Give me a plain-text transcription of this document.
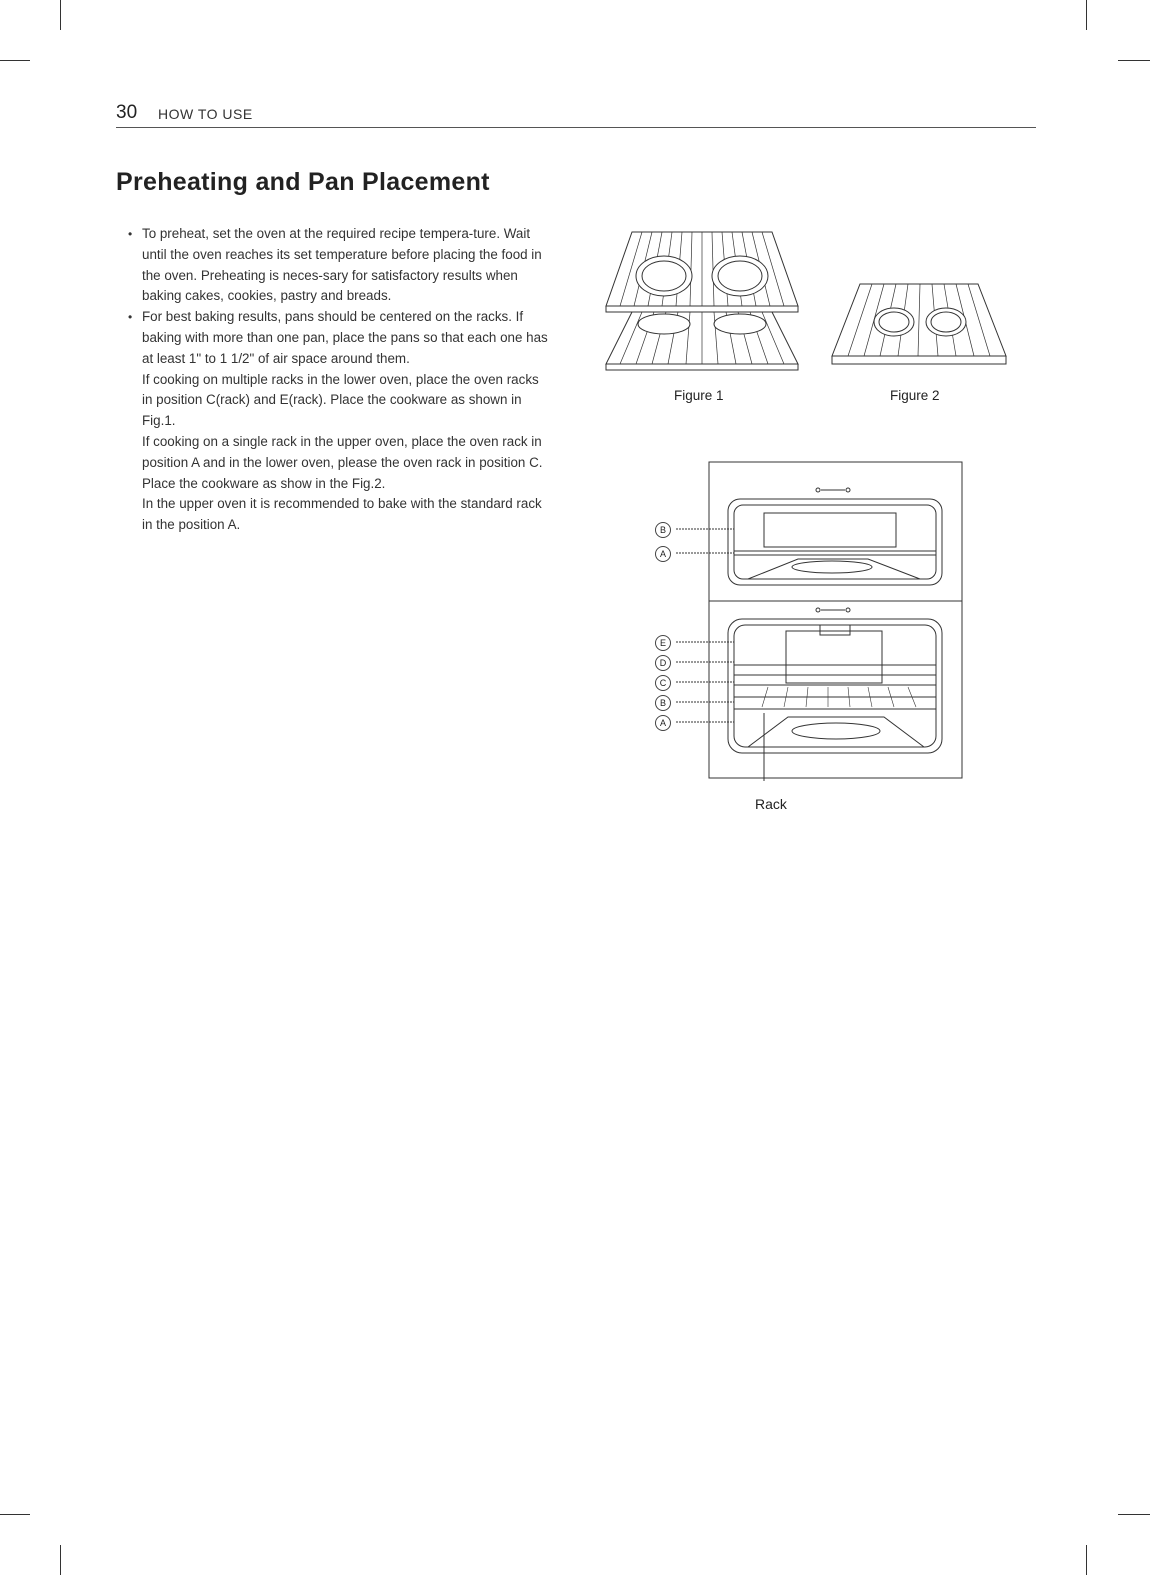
30 HOW TO USE
Preheating and Pan Placement
• To preheat, set the oven at the required recipe tempera-ture. Wait until the oven reaches its set temperature before placing the food in the oven. Preheating is neces-sary for satisfactory results when baking cakes, cookies, pastry and breads.
• For best baking results, pans should be centered on the racks. If baking with more than one pan, place the pans so that each one has at least 1" to 1 1/2" of air space around them.

If cooking on multiple racks in the lower oven, place the oven racks in position C(rack) and E(rack). Place the cookware as shown in Fig.1.

If cooking on a single rack in the upper oven, place the oven rack in position A and in the lower oven, please the oven rack in position C. Place the cookware as show in the Fig.2.

In the upper oven it is recommended to bake with the standard rack in the position A.

Figure 1	Figure 2
B
A
E
D
C
B
A
Rack
